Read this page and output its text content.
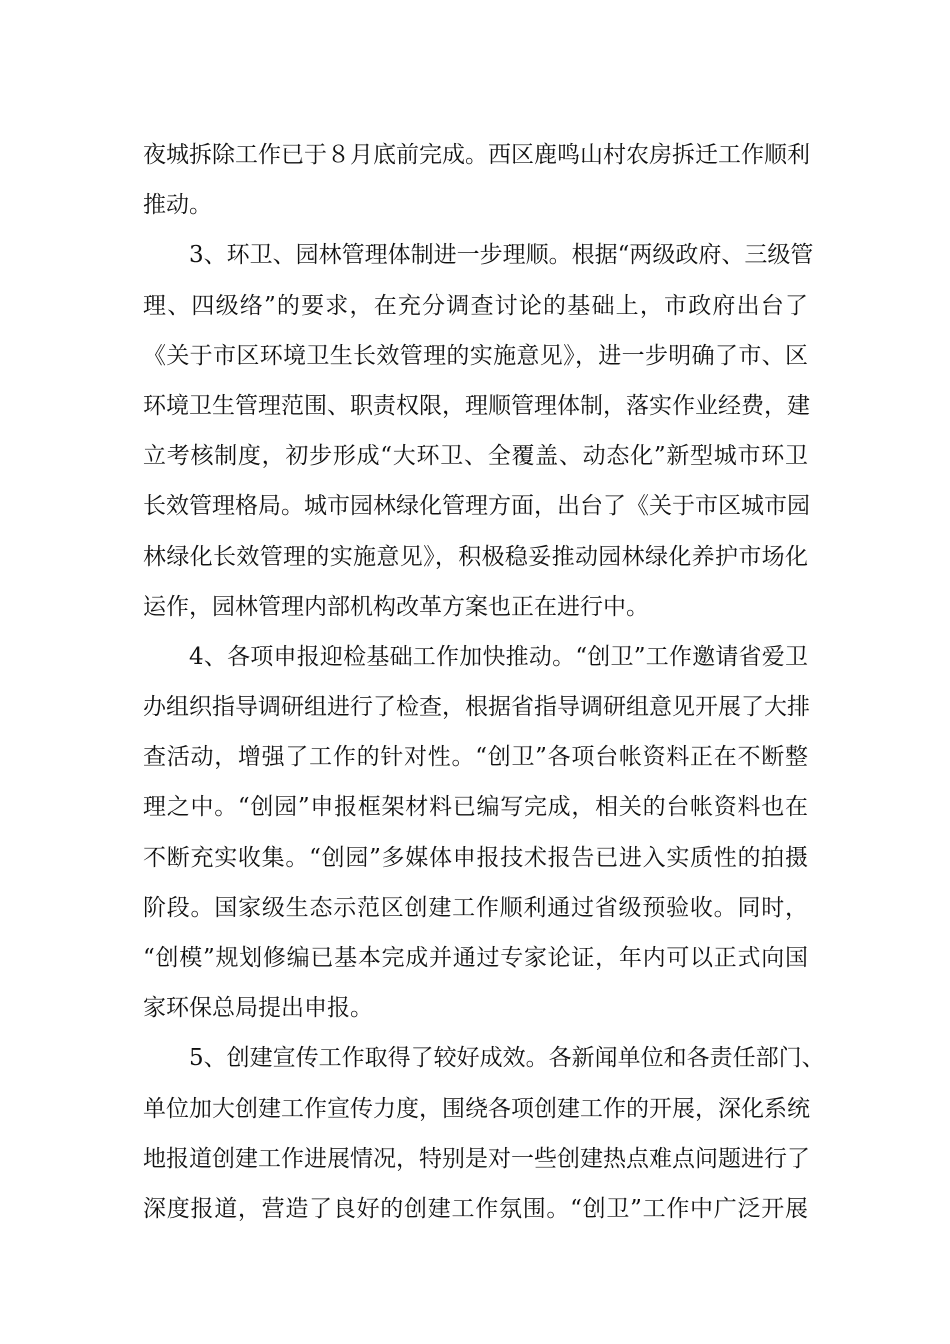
夜城拆除工作已于８月底前完成。西区鹿鸣山村农房拆迁工作顺利
推动。
3、环卫、园林管理体制进一步理顺。根据“两级政府、三级管
理、四级络”的要求，在充分调查讨论的基础上，市政府出台了
《关于市区环境卫生长效管理的实施意见》，进一步明确了市、区
环境卫生管理范围、职责权限，理顺管理体制，落实作业经费，建
立考核制度，初步形成“大环卫、全覆盖、动态化”新型城市环卫
长效管理格局。城市园林绿化管理方面，出台了《关于市区城市园
林绿化长效管理的实施意见》，积极稳妥推动园林绿化养护市场化
运作，园林管理内部机构改革方案也正在进行中。
4、各项申报迎检基础工作加快推动。“创卫”工作邀请省爱卫
办组织指导调研组进行了检查，根据省指导调研组意见开展了大排
查活动，增强了工作的针对性。“创卫”各项台帐资料正在不断整
理之中。“创园”申报框架材料已编写完成，相关的台帐资料也在
不断充实收集。“创园”多媒体申报技术报告已进入实质性的拍摄
阶段。国家级生态示范区创建工作顺利通过省级预验收。同时，
“创模”规划修编已基本完成并通过专家论证，年内可以正式向国
家环保总局提出申报。
5、创建宣传工作取得了较好成效。各新闻单位和各责任部门、
单位加大创建工作宣传力度，围绕各项创建工作的开展，深化系统
地报道创建工作进展情况，特别是对一些创建热点难点问题进行了
深度报道，营造了良好的创建工作氛围。“创卫”工作中广泛开展
